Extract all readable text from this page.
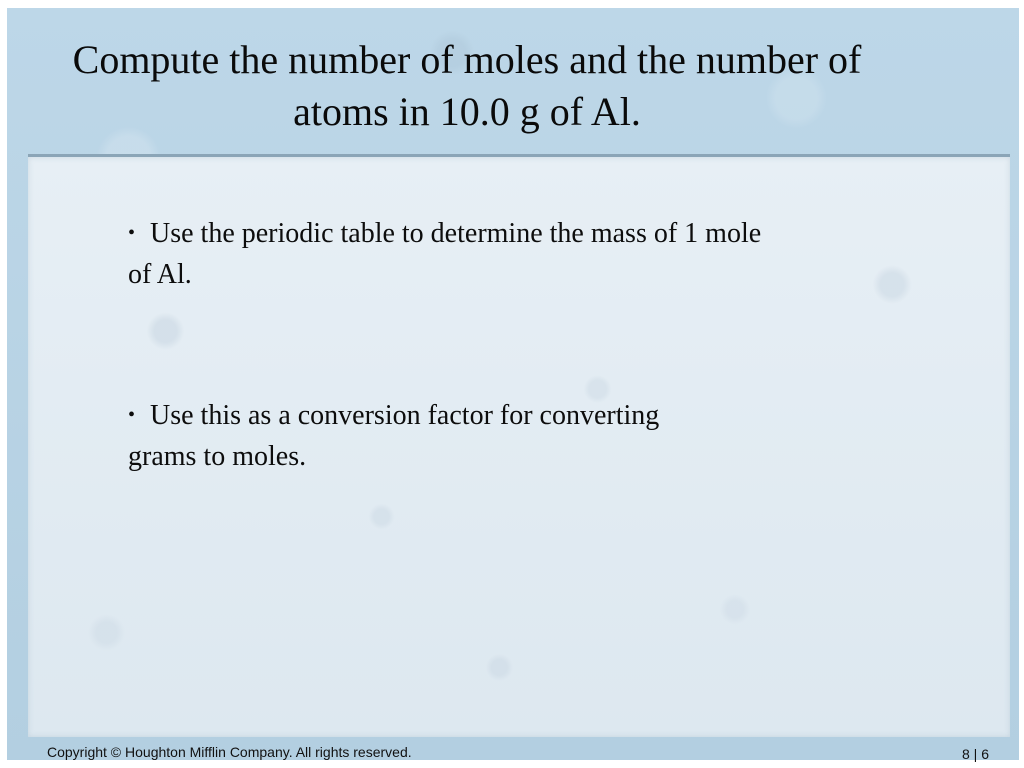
Compute the number of moles and the number of
atoms in 10.0 g of Al.
• Use the periodic table to determine the mass of 1 mole
of Al.
• Use this as a conversion factor for converting
grams to moles.
Copyright © Houghton Mifflin Company. All rights reserved.	8 | 6
